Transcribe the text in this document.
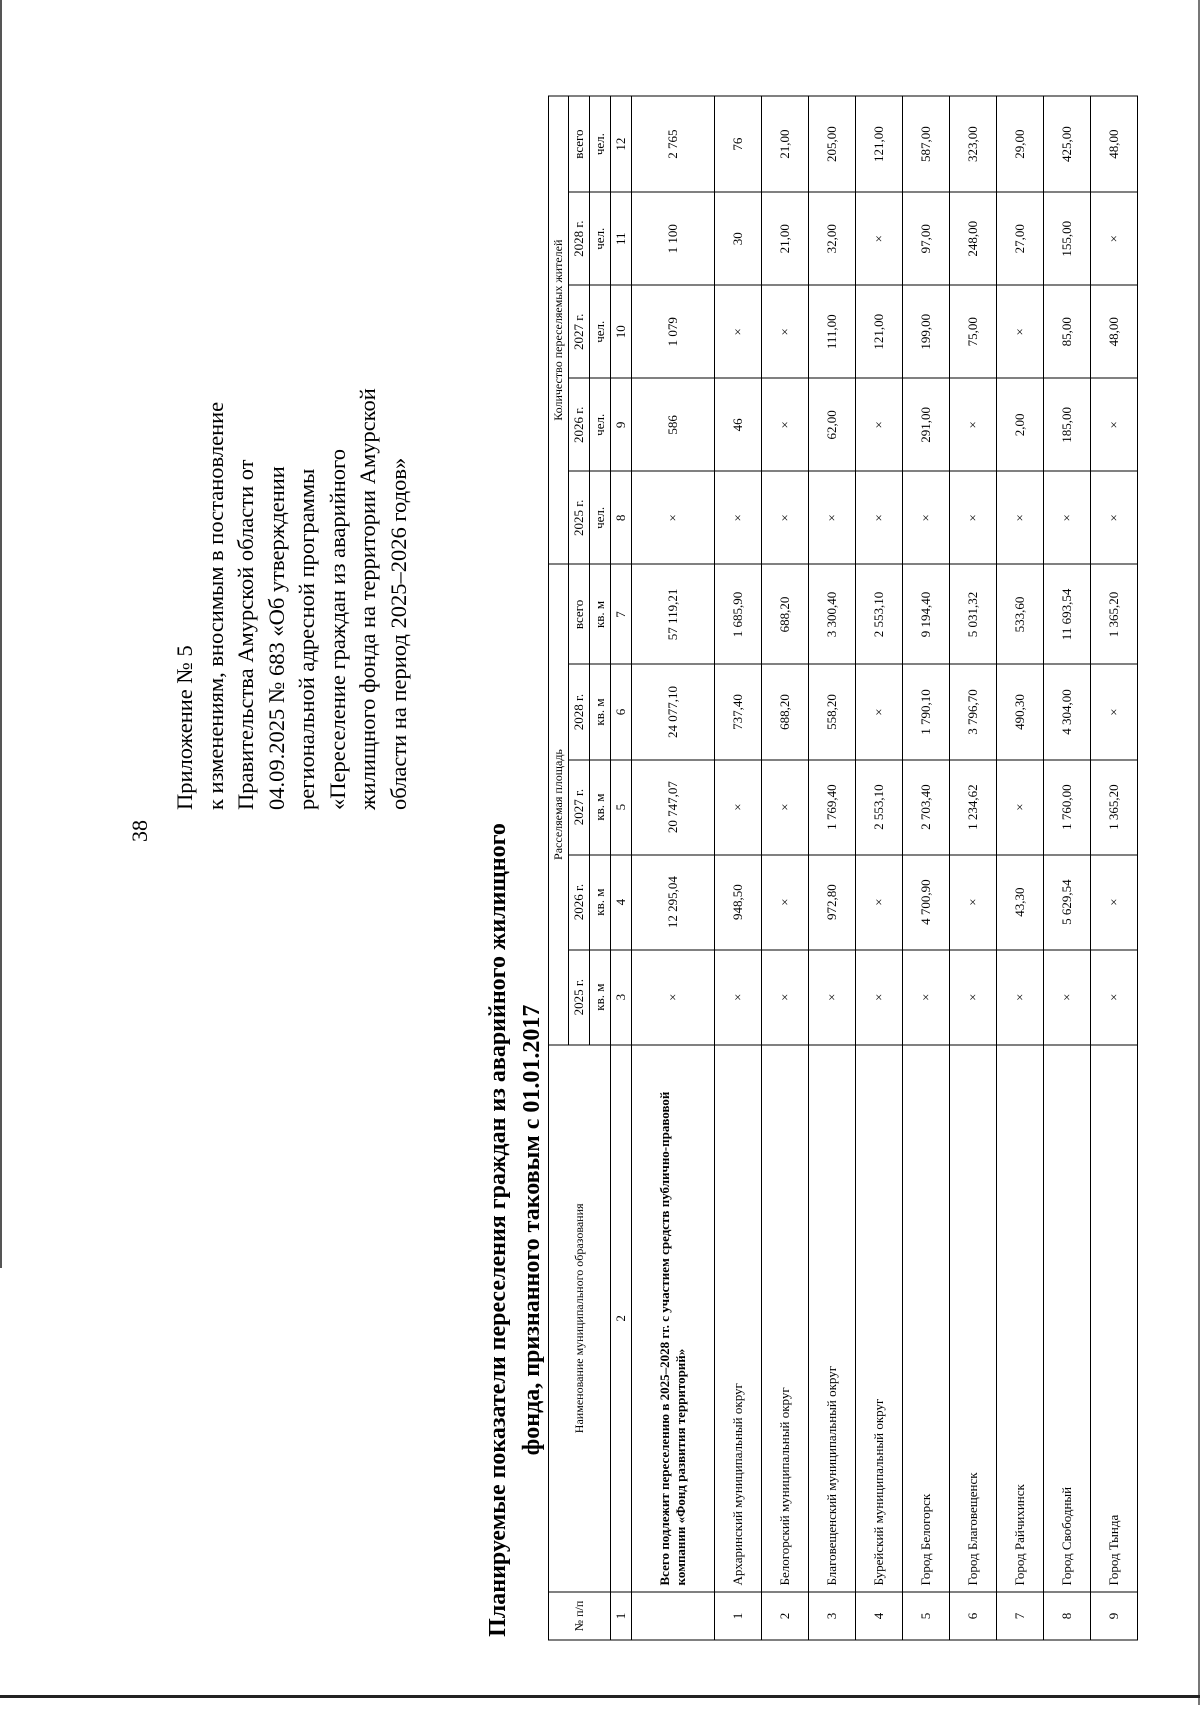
38
Приложение № 5 к изменениям, вносимым в постановление Правительства Амурской области от 04.09.2025 № 683 «Об утверждении региональной адресной программы «Переселение граждан из аварийного жилищного фонда на территории Амурской области на период 2025–2026 годов»
Планируемые показатели переселения граждан из аварийного жилищного фонда, признанного таковым с 01.01.2017
№ п/п	Наименование муниципального образования	Расселяемая площадь					Количество переселяемых жителей				
		2025 г.	2026 г.	2027 г.	2028 г.	всего	2025 г.	2026 г.	2027 г.	2028 г.	всего
		кв. м	кв. м	кв. м	кв. м	кв. м	чел.	чел.	чел.	чел.	чел.
1	2	3	4	5	6	7	8	9	10	11	12
	Всего подлежит переселению в 2025–2028 гг. с участием средств публично-правовой компании «Фонд развития территорий»	×	12 295,04	20 747,07	24 077,10	57 119,21	×	586	1 079	1 100	2 765
1	Архаринский муниципальный округ	×	948,50	×	737,40	1 685,90	×	46	×	30	76
2	Белогорский муниципальный округ	×	×	×	688,20	688,20	×	×	×	21,00	21,00
3	Благовещенский муниципальный округ	×	972,80	1 769,40	558,20	3 300,40	×	62,00	111,00	32,00	205,00
4	Бурейский муниципальный округ	×	×	2 553,10	×	2 553,10	×	×	121,00	×	121,00
5	Город Белогорск	×	4 700,90	2 703,40	1 790,10	9 194,40	×	291,00	199,00	97,00	587,00
6	Город Благовещенск	×	×	1 234,62	3 796,70	5 031,32	×	×	75,00	248,00	323,00
7	Город Райчихинск	×	43,30	×	490,30	533,60	×	2,00	×	27,00	29,00
8	Город Свободный	×	5 629,54	1 760,00	4 304,00	11 693,54	×	185,00	85,00	155,00	425,00
9	Город Тында	×	×	1 365,20	×	1 365,20	×	×	48,00	×	48,00
